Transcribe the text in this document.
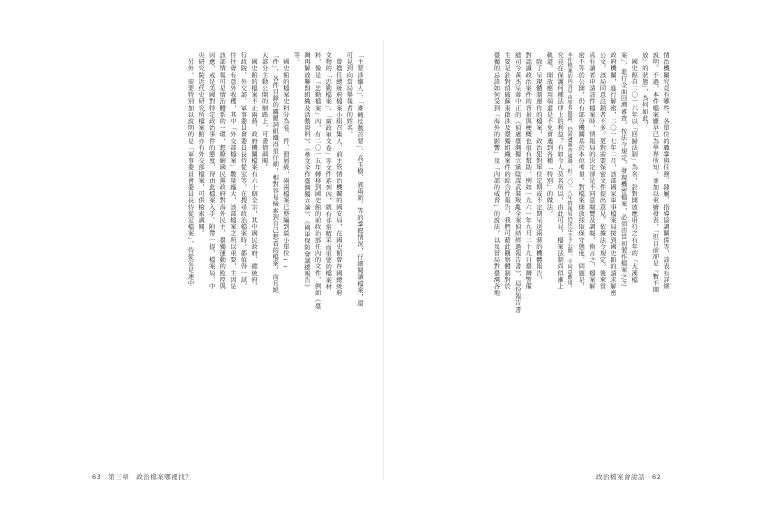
「主要涉嫌人」、「審轉反動首要」、高玉樹、郭雨新、等的掌握情況，仔細閱讀檔案，還
可見到向當局舉報者的姓名。
　曾擔任總統府檔案小組召集人、前主管情治機關的國安局，在國史館曾存國總統府
文物的「忠勤檔案」、「黨政軍文卷」等文件系列內，就有非常精采而重要的檔案材
料，像是「忠勤檔案」內，有二〇一五年轉移到國史館的前政治部任內的文件，例如《臺
灣再解放聯盟組織及活動資料》、《參文全作臺灣獨立論》、《國軍保防會議總報告》
等。
　國史館的檔案史料分為卷、件、冊層級，兩兩檔案已整編到最小單位──
「件」，各件目錄的關鍵詞組織得很仔細，相對容易檢索到自己想看的檔案，而且絕
大部分主動公開的網路上，可盡情調閱。
　國史館的檔案不止兩蔣、政府機關檔案有六十個全宗，其中國民政府、總統府、
行政院、外交部、軍事委員會委員長侍從室等，在搜尋政治檔案時，都值得一試。
往往會有意外收穫，其中「外交部檔案」數量龐大，該部檔案之所以重要，主因是
該部情報可是情治體系的一環，想瞭解國民黨政府對海外民主、臺獨運動的監控與
因應，或是美國對特定政治事件的態度，得由此檔案入手。附帶一提，檔案局、中
央研究院近代史研究所檔案館亦有外交部檔案，可供檢索調閱。
　另外，需要特別加以說明的是「軍事委員會委員長侍從室檔案」，侍從室是連中	情治機關究竟有哪些、各單位的職掌與任務、隸屬、指導協調關係等，該表有詳細
說明。不過，本件檔案雖早已為學界所知，並加以重繪發表，「但目前卻是『暫不開
放』的狀態」，為何如此？
　國史館自二〇一六年以「回歸法制」為名，針對開放應用行之有年的「大溪檔
案」，進行全面回溯審查，按法令規定，發現機密檔案，必須由當初製作檔案之之
政府機關，進行解密，二〇一七年二月，該部國家軍事檔案局接到國史館的請求解密
公文，該局同意註銷者不多，更對需要保密文件提出意見。依據法令規定，後來當
真有讀者申請該件檔案時，情報局的決定卻是不同意閱覽及調閱，換言之，檔案解
密不等於公開，仍有部分機關基於本位考量，對檔案開放採取保守態度。問題是，
本件檔案的內容早由學者披露，仍需遭審查通過，但二〇一八年情報局仍決定不予公開，不同意應用，
究竟在保護何種法律上的利益？有如令人莫名所以，由此可見，檔案法制尚似漸上
軌道，開放應用端還是不免會遇到各種「特別」的做法。
　除了呈現體制運作的檔案，政治犯對單位定期或不定期呈送兩蔣的機體報告，
對認識政治案件的背景與梗概也很有幫助，例如一九六一年九月二十九日臺灣警備
總司令黃杰呈蔣中正的《偵處臺灣獨立黨陰謀武裝叛亂全案偵結經過報告書》，這份報告書
主要是針對偵破蘇東啟涉及臺獨組織案件的綜合性報告，我們可藉此觀察體制對於
臺獨的忌諱如何受到「海外的影響」及「內部的威脅」的說法，以及當局對臺灣各地
63　第三章　政治檔案哪裡找？	政治檔案會說話　62
